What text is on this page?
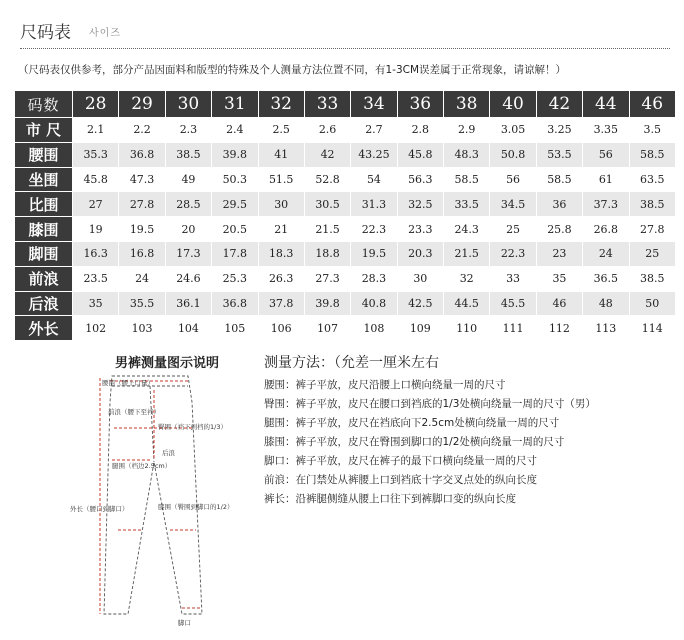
尺码表 사이즈
（尺码表仅供参考，部分产品因面料和版型的特殊及个人测量方法位置不同，有1-3CM误差属于正常现象，请谅解！）
码数	28	29	30	31	32	33	34	36	38	40	42	44	46
市 尺	2.1	2.2	2.3	2.4	2.5	2.6	2.7	2.8	2.9	3.05	3.25	3.35	3.5
腰围	35.3	36.8	38.5	39.8	41	42	43.25	45.8	48.3	50.8	53.5	56	58.5
坐围	45.8	47.3	49	50.3	51.5	52.8	54	56.3	58.5	56	58.5	61	63.5
比围	27	27.8	28.5	29.5	30	30.5	31.3	32.5	33.5	34.5	36	37.3	38.5
膝围	19	19.5	20	20.5	21	21.5	22.3	23.3	24.3	25	25.8	26.8	27.8
脚围	16.3	16.8	17.3	17.8	18.3	18.8	19.5	20.3	21.5	22.3	23	24	25
前浪	23.5	24	24.6	25.3	26.3	27.3	28.3	30	32	33	35	36.5	38.5
后浪	35	35.5	36.1	36.8	37.8	39.8	40.8	42.5	44.5	45.5	46	48	50
外长	102	103	104	105	106	107	108	109	110	111	112	113	114
男裤测量图示说明
腰围（腰上口量）
前浪（腰下至裆）
臀围（裆下到档的1/3）
后浪
腿围（档边2.5cm）
外长（腰口到脚口）	膝围（臀围到脚口的1/2）
脚口
测量方法：（允差一厘米左右
腰围：裤子平放，皮尺沿腰上口横向绕量一周的尺寸
臀围：裤子平放，皮尺在腰口到裆底的1/3处横向绕量一周的尺寸（男）
腿围：裤子平放，皮尺在裆底向下2.5cm处横向绕量一周的尺寸
膝围：裤子平放，皮尺在臀围到脚口的1/2处横向绕量一周的尺寸
脚口：裤子平放，皮尺在裤子的最下口横向绕量一周的尺寸
前浪：在门禁处从裤腰上口到裆底十字交叉点处的纵向长度
裤长：沿裤腿侧缝从腰上口往下到裤脚口变的纵向长度
